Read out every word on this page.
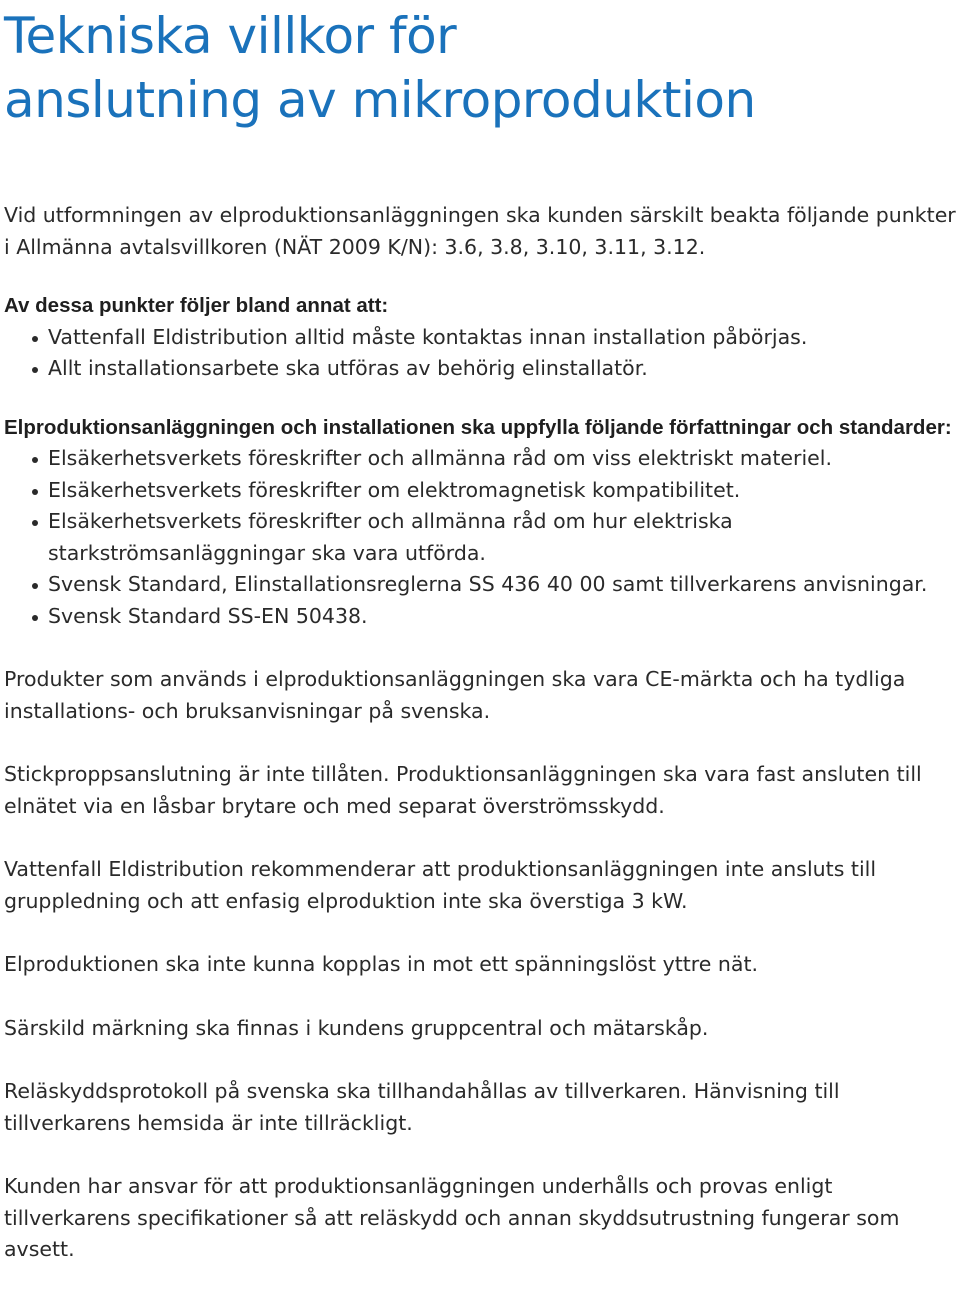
Tekniska villkor för
anslutning av mikroproduktion

Vid utformningen av elproduktionsanläggningen ska kunden särskilt beakta följande punkter i Allmänna avtalsvillkoren (NÄT 2009 K/N): 3.6, 3.8, 3.10, 3.11, 3.12.

Av dessa punkter följer bland annat att:

Vattenfall Eldistribution alltid måste kontaktas innan installation påbörjas.
Allt installationsarbete ska utföras av behörig elinstallatör.

Elproduktionsanläggningen och installationen ska uppfylla följande författningar och standarder:

Elsäkerhetsverkets föreskrifter och allmänna råd om viss elektriskt materiel.
Elsäkerhetsverkets föreskrifter om elektromagnetisk kompatibilitet.
Elsäkerhetsverkets föreskrifter och allmänna råd om hur elektriska starkströmsanläggningar ska vara utförda.
Svensk Standard, Elinstallationsreglerna SS 436 40 00 samt tillverkarens anvisningar.
Svensk Standard SS-EN 50438.

Produkter som används i elproduktionsanläggningen ska vara CE-märkta och ha tydliga installations- och bruksanvisningar på svenska.

Stickproppsanslutning är inte tillåten. Produktionsanläggningen ska vara fast ansluten till elnätet via en låsbar brytare och med separat överströmsskydd.

Vattenfall Eldistribution rekommenderar att produktionsanläggningen inte ansluts till gruppledning och att enfasig elproduktion inte ska överstiga 3 kW.

Elproduktionen ska inte kunna kopplas in mot ett spänningslöst yttre nät.

Särskild märkning ska finnas i kundens gruppcentral och mätarskåp.

Reläskyddsprotokoll på svenska ska tillhandahållas av tillverkaren. Hänvisning till tillverkarens hemsida är inte tillräckligt.

Kunden har ansvar för att produktionsanläggningen underhålls och provas enligt tillverkarens specifikationer så att reläskydd och annan skyddsutrustning fungerar som avsett.
